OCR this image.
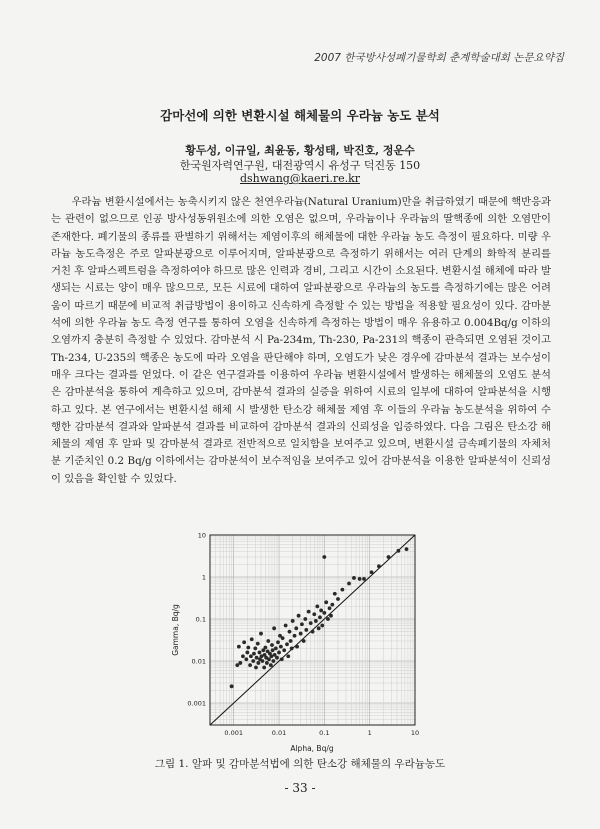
2007 한국방사성폐기물학회 춘계학술대회 논문요약집
감마선에 의한 변환시설 해체물의 우라늄 농도 분석
황두성, 이규일, 최윤동, 황성태, 박진호, 정운수
한국원자력연구원, 대전광역시 유성구 덕진동 150
dshwang@kaeri.re.kr
우라늄 변환시설에서는 농축시키지 않은 천연우라늄(Natural Uranium)만을 취급하였기 때문에 핵반응과는 관련이 없으므로 인공 방사성동위원소에 의한 오염은 없으며, 우라늄이나 우라늄의 딸핵종에 의한 오염만이 존재한다. 폐기물의 종류를 판별하기 위해서는 제염이후의 해체물에 대한 우라늄 농도 측정이 필요하다. 미량 우라늄 농도측정은 주로 알파분광으로 이루어지며, 알파분광으로 측정하기 위해서는 여러 단계의 화학적 분리를 거친 후 알파스펙트럼을 측정하여야 하므로 많은 인력과 경비, 그리고 시간이 소요된다. 변환시설 해체에 따라 발생되는 시료는 양이 매우 많으므로, 모든 시료에 대하여 알파분광으로 우라늄의 농도를 측정하기에는 많은 어려움이 따르기 때문에 비교적 취급방법이 용이하고 신속하게 측정할 수 있는 방법을 적용할 필요성이 있다. 감마분석에 의한 우라늄 농도 측정 연구를 통하여 오염을 신속하게 측정하는 방법이 매우 유용하고 0.004Bq/g 이하의 오염까지 충분히 측정할 수 있었다. 감마분석 시 Pa-234m, Th-230, Pa-231의 핵종이 관측되면 오염된 것이고 Th-234, U-235의 핵종은 농도에 따라 오염을 판단해야 하며, 오염도가 낮은 경우에 감마분석 결과는 보수성이 매우 크다는 결과를 얻었다. 이 같은 연구결과를 이용하여 우라늄 변환시설에서 발생하는 해체물의 오염도 분석은 감마분석을 통하여 계측하고 있으며, 감마분석 결과의 실증을 위하여 시료의 일부에 대하여 알파분석을 시행하고 있다. 본 연구에서는 변환시설 해체 시 발생한 탄소강 해체물 제염 후 이들의 우라늄 농도분석을 위하여 수행한 감마분석 결과와 알파분석 결과를 비교하여 감마분석 결과의 신뢰성을 입증하였다. 다음 그림은 탄소강 해체물의 제염 후 알파 및 감마분석 결과로 전반적으로 일치함을 보여주고 있으며, 변환시설 금속폐기물의 자체처분 기준치인 0.2 Bq/g 이하에서는 감마분석이 보수적임을 보여주고 있어 감마분석을 이용한 알파분석이 신뢰성이 있음을 확인할 수 있었다.
0.001	0.01	0.1	1	10
0.001
0.01
0.1
1
10
Alpha, Bq/g
Gamma, Bq/g
그림 1. 알파 및 감마분석법에 의한 탄소강 해체물의 우라늄농도
- 33 -
